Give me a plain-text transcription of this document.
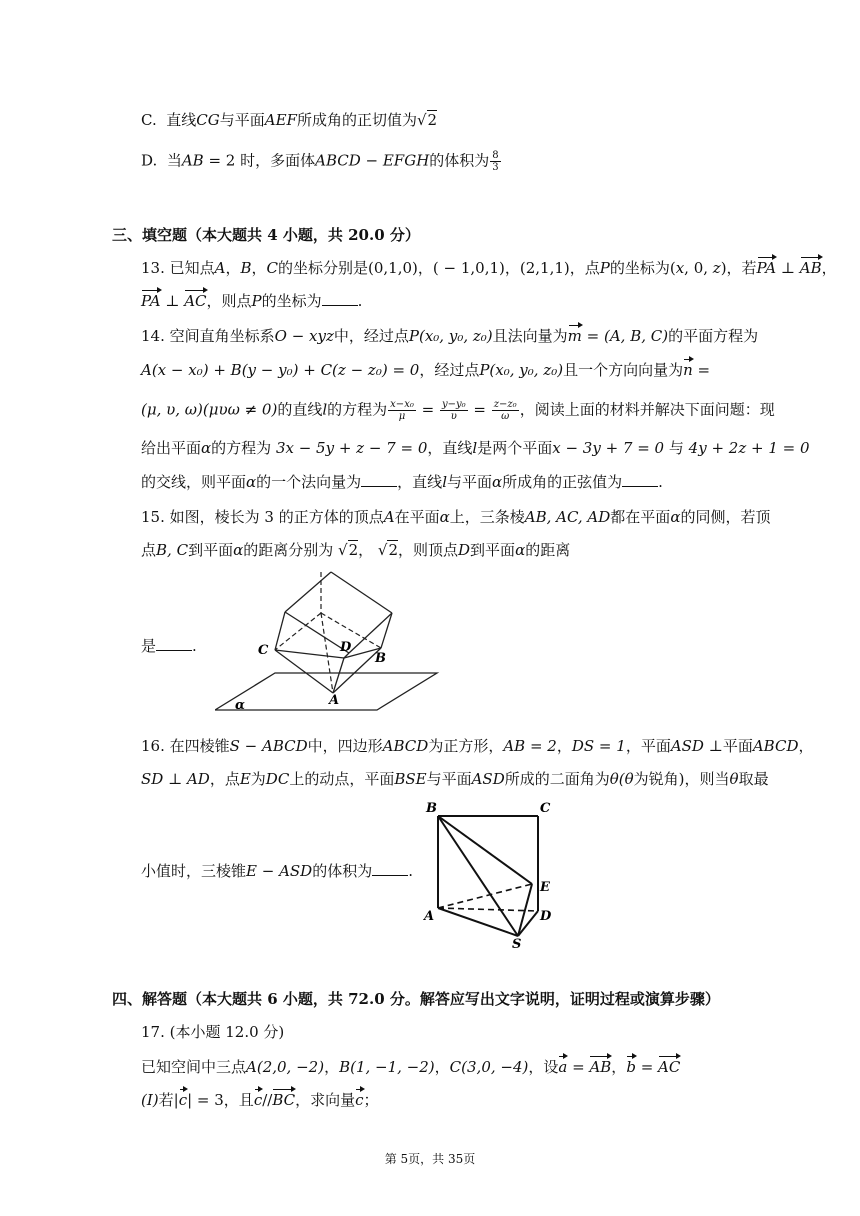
C. 直线CG与平面AEF所成角的正切值为√2
D. 当AB = 2 时，多面体ABCD − EFGH的体积为 $\frac{8}{3}$
三、填空题（本大题共 4 小题，共 20.0 分）
13. 已知点A，B，C的坐标分别是(0,1,0)，( − 1,0,1)，(2,1,1)，点P的坐标为(x, 0, z)，若PA ⊥ AB，
PA ⊥ AC，则点P的坐标为 .
14. 空间直角坐标系O − xyz中，经过点P(x₀, y₀, z₀)且法向量为m = (A, B, C)的平面方程为
A(x − x₀) + B(y − y₀) + C(z − z₀) = 0，经过点P(x₀, y₀, z₀)且一个方向向量为n =
(μ, υ, ω)(μυω ≠ 0)的直线l的方程为 $\frac{\text{x−x₀}}{\mu} = \frac{\text{y−y₀}}{\upsilon} = \frac{\text{z−z₀}}{\omega}$ ，阅读上面的材料并解决下面问题：现
给出平面α的方程为 3x − 5y + z − 7 = 0，直线l是两个平面x − 3y + 7 = 0 与 4y + 2z + 1 = 0
的交线，则平面α的一个法向量为 ，直线l与平面α所成角的正弦值为 .
15. 如图，棱长为 3 的正方体的顶点A在平面α上，三条棱AB, AC, AD都在平面α的同侧，若顶
点B, C到平面α的距离分别为 √2， √2，则顶点D到平面α的距离
是 .	C	D
B
A
α
16. 在四棱锥S − ABCD中，四边形ABCD为正方形，AB = 2，DS = 1，平面ASD ⊥平面ABCD，
SD ⊥ AD，点E为DC上的动点，平面BSE与平面ASD所成的二面角为θ(θ为锐角)，则当θ取最
小值时，三棱锥E − ASD的体积为 .
B	C
E
A	D
S
四、解答题（本大题共 6 小题，共 72.0 分。解答应写出文字说明，证明过程或演算步骤）
17. (本小题 12.0 分)
已知空间中三点A(2,0, −2)，B(1, −1, −2)，C(3,0, −4)，设a = AB，b = AC
(I)若|c| = 3，且c//BC，求向量c；
第 5页，共 35页
